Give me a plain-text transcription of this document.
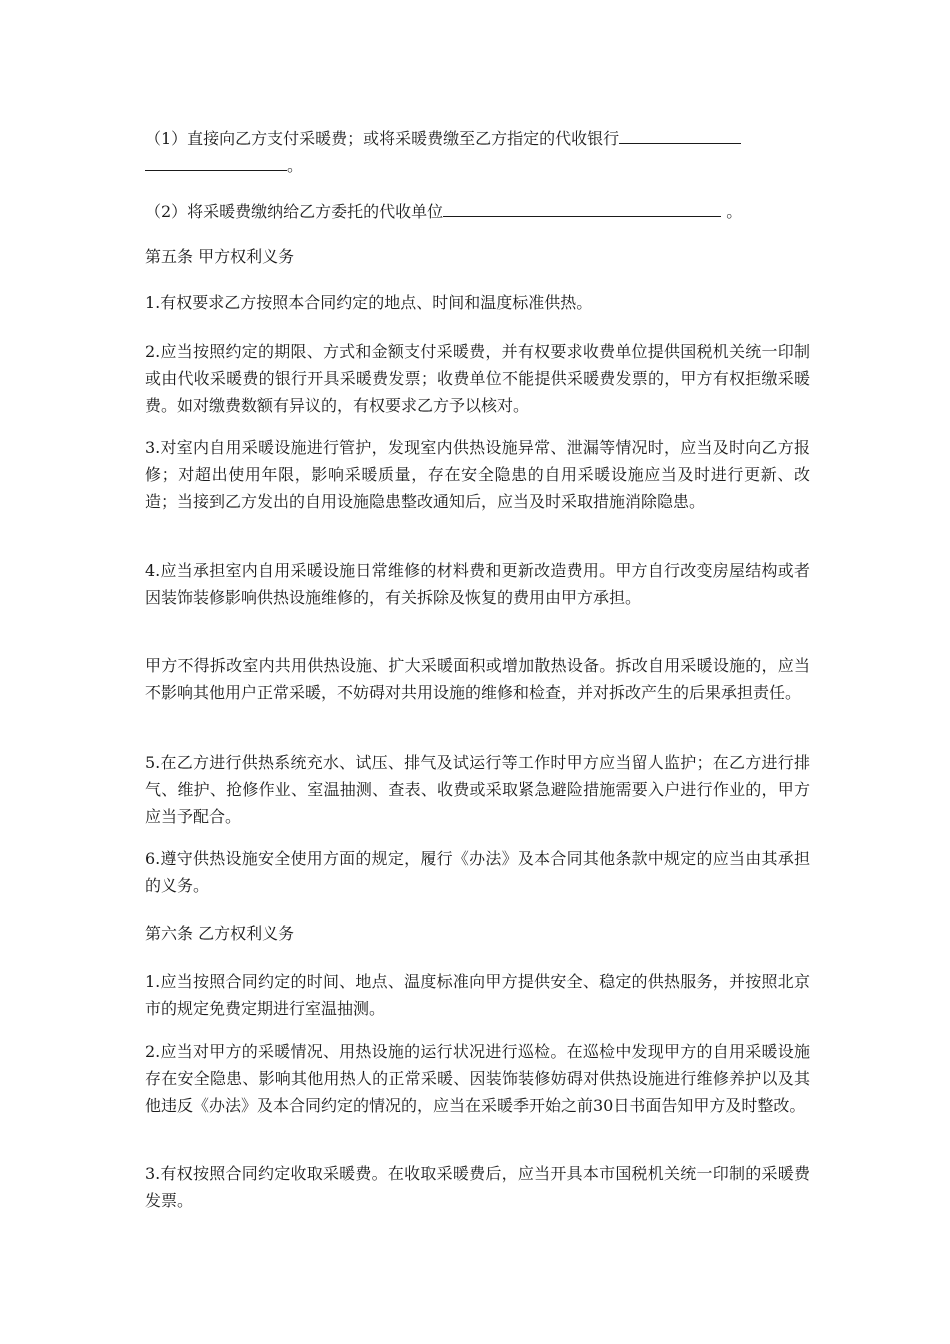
（1）直接向乙方支付采暖费；或将采暖费缴至乙方指定的代收银行
。

（2）将采暖费缴纳给乙方委托的代收单位	。

第五条 甲方权利义务

1.有权要求乙方按照本合同约定的地点、时间和温度标准供热。

2.应当按照约定的期限、方式和金额支付采暖费，并有权要求收费单位提供国税机关统一印制或由代收采暖费的银行开具采暖费发票；收费单位不能提供采暖费发票的，甲方有权拒缴采暖费。如对缴费数额有异议的，有权要求乙方予以核对。

3.对室内自用采暖设施进行管护，发现室内供热设施异常、泄漏等情况时，应当及时向乙方报修；对超出使用年限，影响采暖质量，存在安全隐患的自用采暖设施应当及时进行更新、改造；当接到乙方发出的自用设施隐患整改通知后，应当及时采取措施消除隐患。

4.应当承担室内自用采暖设施日常维修的材料费和更新改造费用。甲方自行改变房屋结构或者因装饰装修影响供热设施维修的，有关拆除及恢复的费用由甲方承担。

甲方不得拆改室内共用供热设施、扩大采暖面积或增加散热设备。拆改自用采暖设施的，应当不影响其他用户正常采暖，不妨碍对共用设施的维修和检查，并对拆改产生的后果承担责任。

5.在乙方进行供热系统充水、试压、排气及试运行等工作时甲方应当留人监护；在乙方进行排气、维护、抢修作业、室温抽测、查表、收费或采取紧急避险措施需要入户进行作业的，甲方应当予配合。

6.遵守供热设施安全使用方面的规定，履行《办法》及本合同其他条款中规定的应当由其承担的义务。

第六条 乙方权利义务

1.应当按照合同约定的时间、地点、温度标准向甲方提供安全、稳定的供热服务，并按照北京市的规定免费定期进行室温抽测。

2.应当对甲方的采暖情况、用热设施的运行状况进行巡检。在巡检中发现甲方的自用采暖设施存在安全隐患、影响其他用热人的正常采暖、因装饰装修妨碍对供热设施进行维修养护以及其他违反《办法》及本合同约定的情况的，应当在采暖季开始之前30日书面告知甲方及时整改。

3.有权按照合同约定收取采暖费。在收取采暖费后，应当开具本市国税机关统一印制的采暖费发票。
